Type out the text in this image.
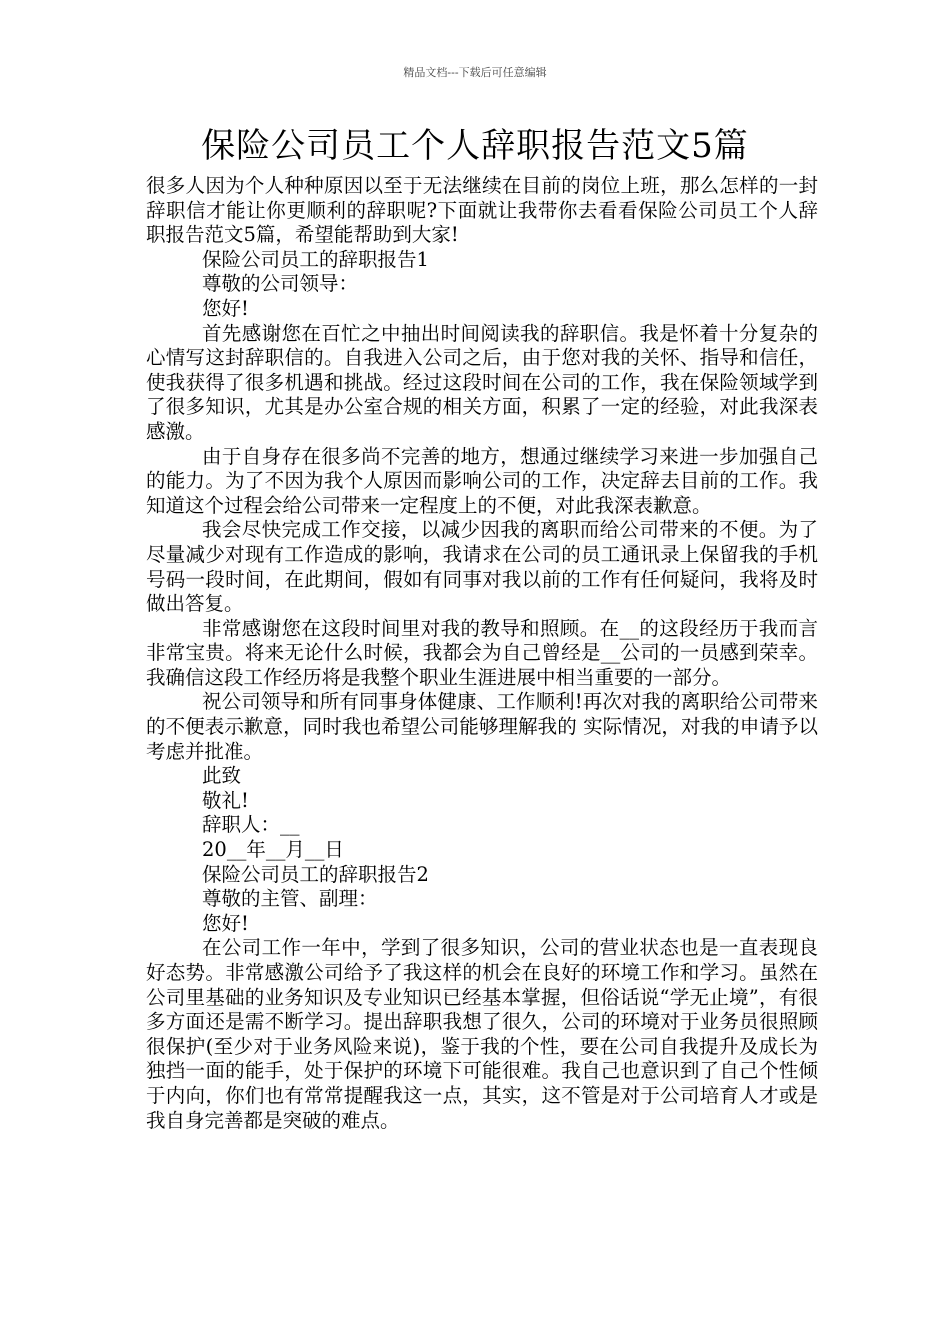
精品文档---下载后可任意编辑
保险公司员工个人辞职报告范文5篇

很多人因为个人种种原因以至于无法继续在目前的岗位上班，那么怎样的一封辞职信才能让你更顺利的辞职呢?下面就让我带你去看看保险公司员工个人辞职报告范文5篇，希望能帮助到大家!

保险公司员工的辞职报告1

尊敬的公司领导：

您好!

首先感谢您在百忙之中抽出时间阅读我的辞职信。我是怀着十分复杂的心情写这封辞职信的。自我进入公司之后，由于您对我的关怀、指导和信任，使我获得了很多机遇和挑战。经过这段时间在公司的工作，我在保险领域学到了很多知识，尤其是办公室合规的相关方面，积累了一定的经验，对此我深表感激。

由于自身存在很多尚不完善的地方，想通过继续学习来进一步加强自己的能力。为了不因为我个人原因而影响公司的工作，决定辞去目前的工作。我知道这个过程会给公司带来一定程度上的不便，对此我深表歉意。

我会尽快完成工作交接，以减少因我的离职而给公司带来的不便。为了尽量减少对现有工作造成的影响，我请求在公司的员工通讯录上保留我的手机号码一段时间，在此期间，假如有同事对我以前的工作有任何疑问，我将及时做出答复。

非常感谢您在这段时间里对我的教导和照顾。在__的这段经历于我而言非常宝贵。将来无论什么时候，我都会为自己曾经是__公司的一员感到荣幸。我确信这段工作经历将是我整个职业生涯进展中相当重要的一部分。

祝公司领导和所有同事身体健康、工作顺利!再次对我的离职给公司带来的不便表示歉意，同时我也希望公司能够理解我的 实际情况，对我的申请予以考虑并批准。

此致

敬礼!

辞职人：__

20__年__月__日

保险公司员工的辞职报告2

尊敬的主管、副理：

您好!

在公司工作一年中，学到了很多知识，公司的营业状态也是一直表现良好态势。非常感激公司给予了我这样的机会在良好的环境工作和学习。虽然在公司里基础的业务知识及专业知识已经基本掌握，但俗话说“学无止境”，有很多方面还是需不断学习。提出辞职我想了很久，公司的环境对于业务员很照顾很保护(至少对于业务风险来说)，鉴于我的个性，要在公司自我提升及成长为独挡一面的能手，处于保护的环境下可能很难。我自己也意识到了自己个性倾于内向，你们也有常常提醒我这一点，其实，这不管是对于公司培育人才或是我自身完善都是突破的难点。
